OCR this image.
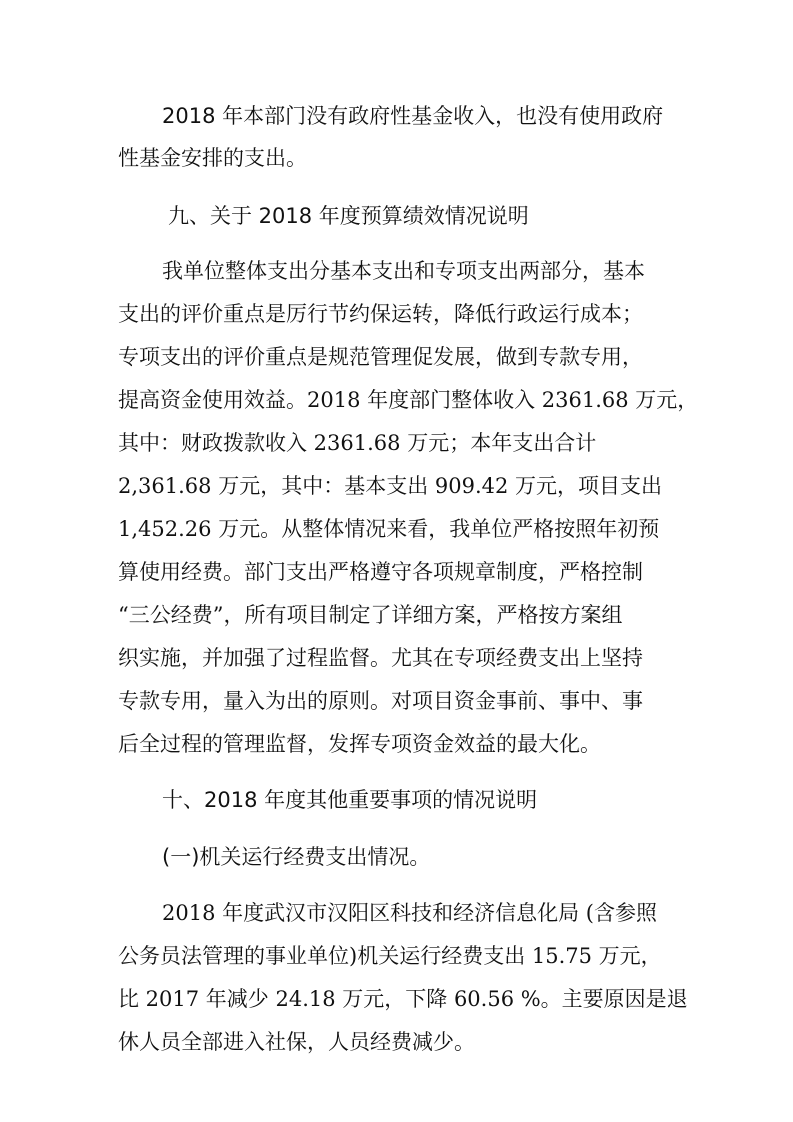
2018 年本部门没有政府性基金收入，也没有使用政府

性基金安排的支出。

九、关于 2018 年度预算绩效情况说明

我单位整体支出分基本支出和专项支出两部分，基本

支出的评价重点是厉行节约保运转，降低行政运行成本；

专项支出的评价重点是规范管理促发展，做到专款专用，

提高资金使用效益。2018 年度部门整体收入 2361.68 万元，

其中：财政拨款收入 2361.68 万元；本年支出合计

2,361.68 万元，其中：基本支出 909.42 万元，项目支出

1,452.26 万元。从整体情况来看，我单位严格按照年初预

算使用经费。部门支出严格遵守各项规章制度，严格控制

“三公经费”，所有项目制定了详细方案，严格按方案组

织实施，并加强了过程监督。尤其在专项经费支出上坚持

专款专用，量入为出的原则。对项目资金事前、事中、事

后全过程的管理监督，发挥专项资金效益的最大化。

十、2018 年度其他重要事项的情况说明

(一)机关运行经费支出情况。

2018 年度武汉市汉阳区科技和经济信息化局 (含参照

公务员法管理的事业单位)机关运行经费支出 15.75 万元，

比 2017 年减少 24.18 万元，下降 60.56 %。主要原因是退

休人员全部进入社保，人员经费减少。
